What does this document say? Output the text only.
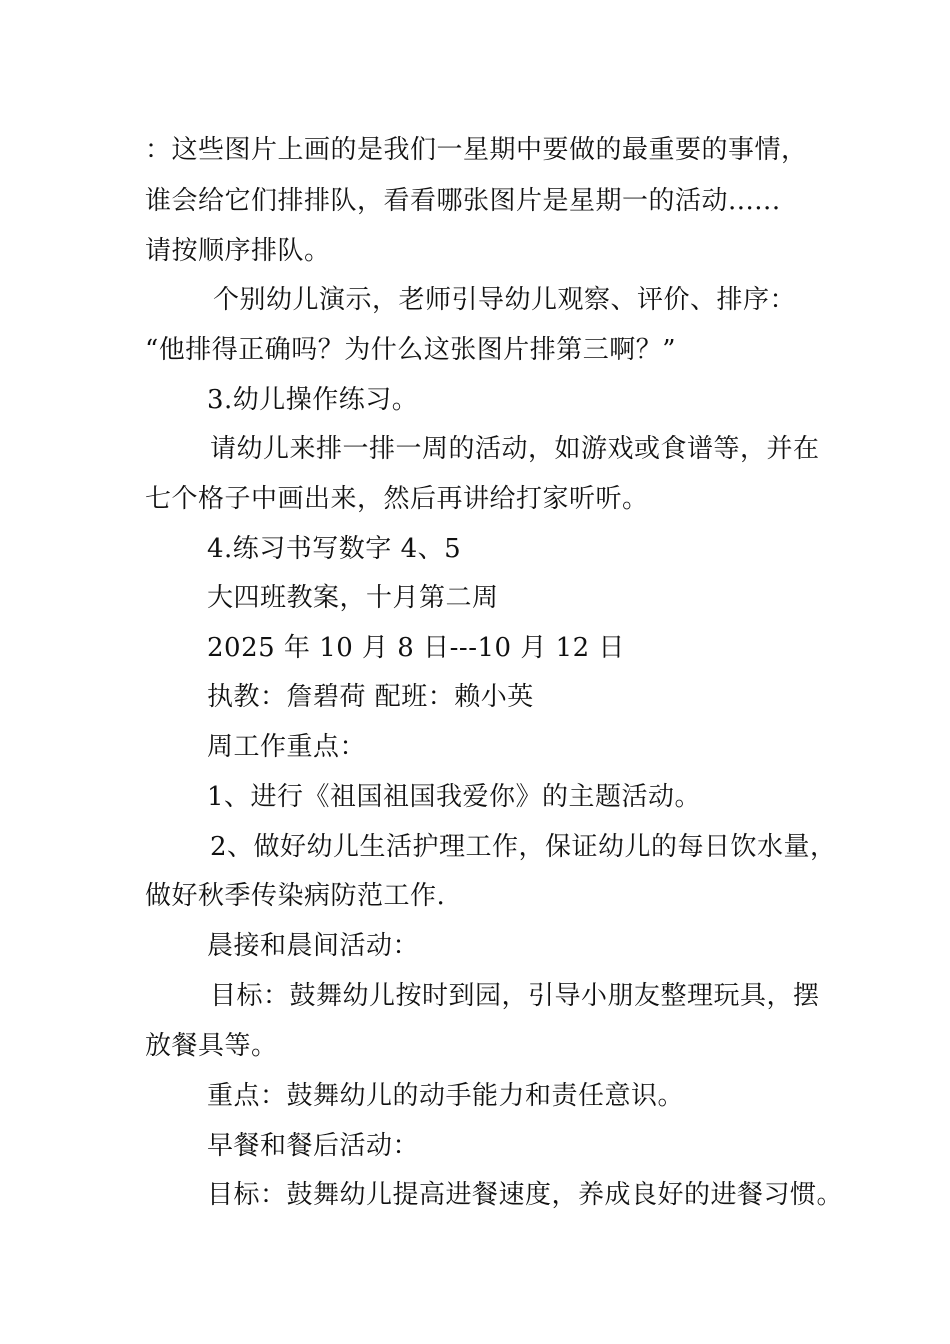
：这些图片上画的是我们一星期中要做的最重要的事情，
谁会给它们排排队，看看哪张图片是星期一的活动......
请按顺序排队。
个别幼儿演示，老师引导幼儿观察、评价、排序：
“他排得正确吗？为什么这张图片排第三啊？”
3.幼儿操作练习。
请幼儿来排一排一周的活动，如游戏或食谱等，并在
七个格子中画出来，然后再讲给打家听听。
4.练习书写数字 4、5
大四班教案，十月第二周
2025 年 10 月 8 日---10 月 12 日
执教：詹碧荷 配班：赖小英
周工作重点：
1、进行《祖国祖国我爱你》的主题活动。
2、做好幼儿生活护理工作，保证幼儿的每日饮水量，
做好秋季传染病防范工作.
晨接和晨间活动：
目标：鼓舞幼儿按时到园，引导小朋友整理玩具，摆
放餐具等。
重点：鼓舞幼儿的动手能力和责任意识。
早餐和餐后活动：
目标：鼓舞幼儿提高进餐速度，养成良好的进餐习惯。
